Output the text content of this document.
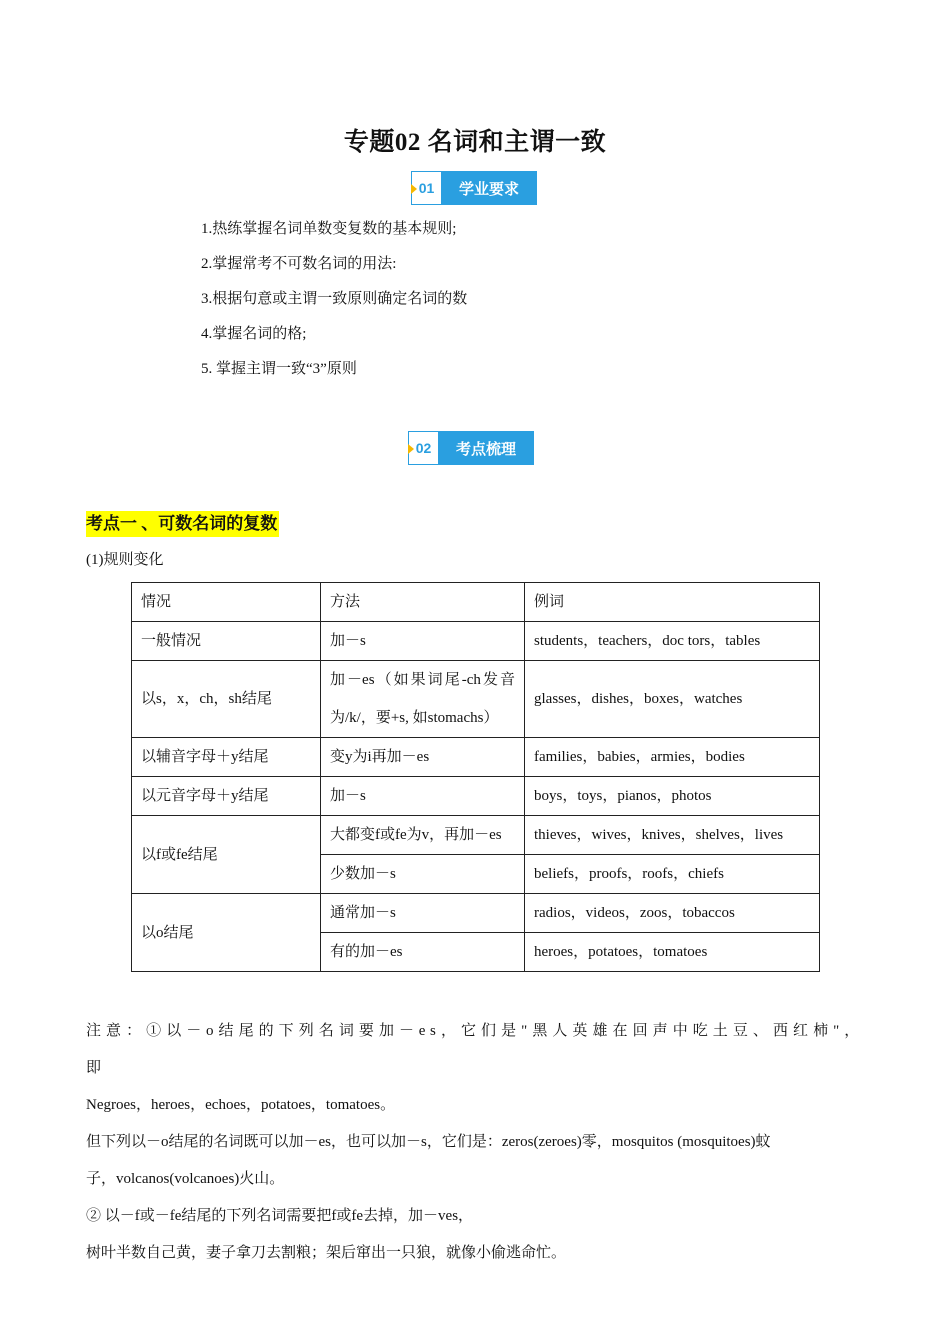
专题02 名词和主谓一致
01	学业要求
1.热练掌握名词单数变复数的基本规则;
2.掌握常考不可数名词的用法:
3.根据句意或主谓一致原则确定名词的数
4.掌握名词的格;
5. 掌握主谓一致“3”原则
02	考点梳理
考点一 、可数名词的复数
(1)规则变化
情况	方法	例词
一般情况	加－s	students，teachers，doc tors，tables
以s，x，ch，sh结尾	加－es（如果词尾-ch发音为/k/，要+s, 如stomachs）	glasses，dishes，boxes，watches
以辅音字母＋y结尾	变y为i再加－es	families，babies，armies，bodies
以元音字母＋y结尾	加－s	boys，toys，pianos，photos
以f或fe结尾	大都变f或fe为v，再加－es	thieves，wives，knives，shelves，lives
	少数加－s	beliefs，proofs，roofs，chiefs
以o结尾	通常加－s	radios，videos，zoos，tobaccos
	有的加－es	heroes，potatoes，tomatoes

注意：①以－o结尾的下列名词要加－es，它们是"黑人英雄在回声中吃土豆、西红柿"，即

Negroes，heroes，echoes，potatoes，tomatoes。

但下列以－o结尾的名词既可以加－es，也可以加－s，它们是：zeros(zeroes)零，mosquitos (mosquitoes)蚊

子，volcanos(volcanoes)火山。

② 以－f或－fe结尾的下列名词需要把f或fe去掉，加－ves，

树叶半数自己黄，妻子拿刀去割粮；架后窜出一只狼，就像小偷逃命忙。
